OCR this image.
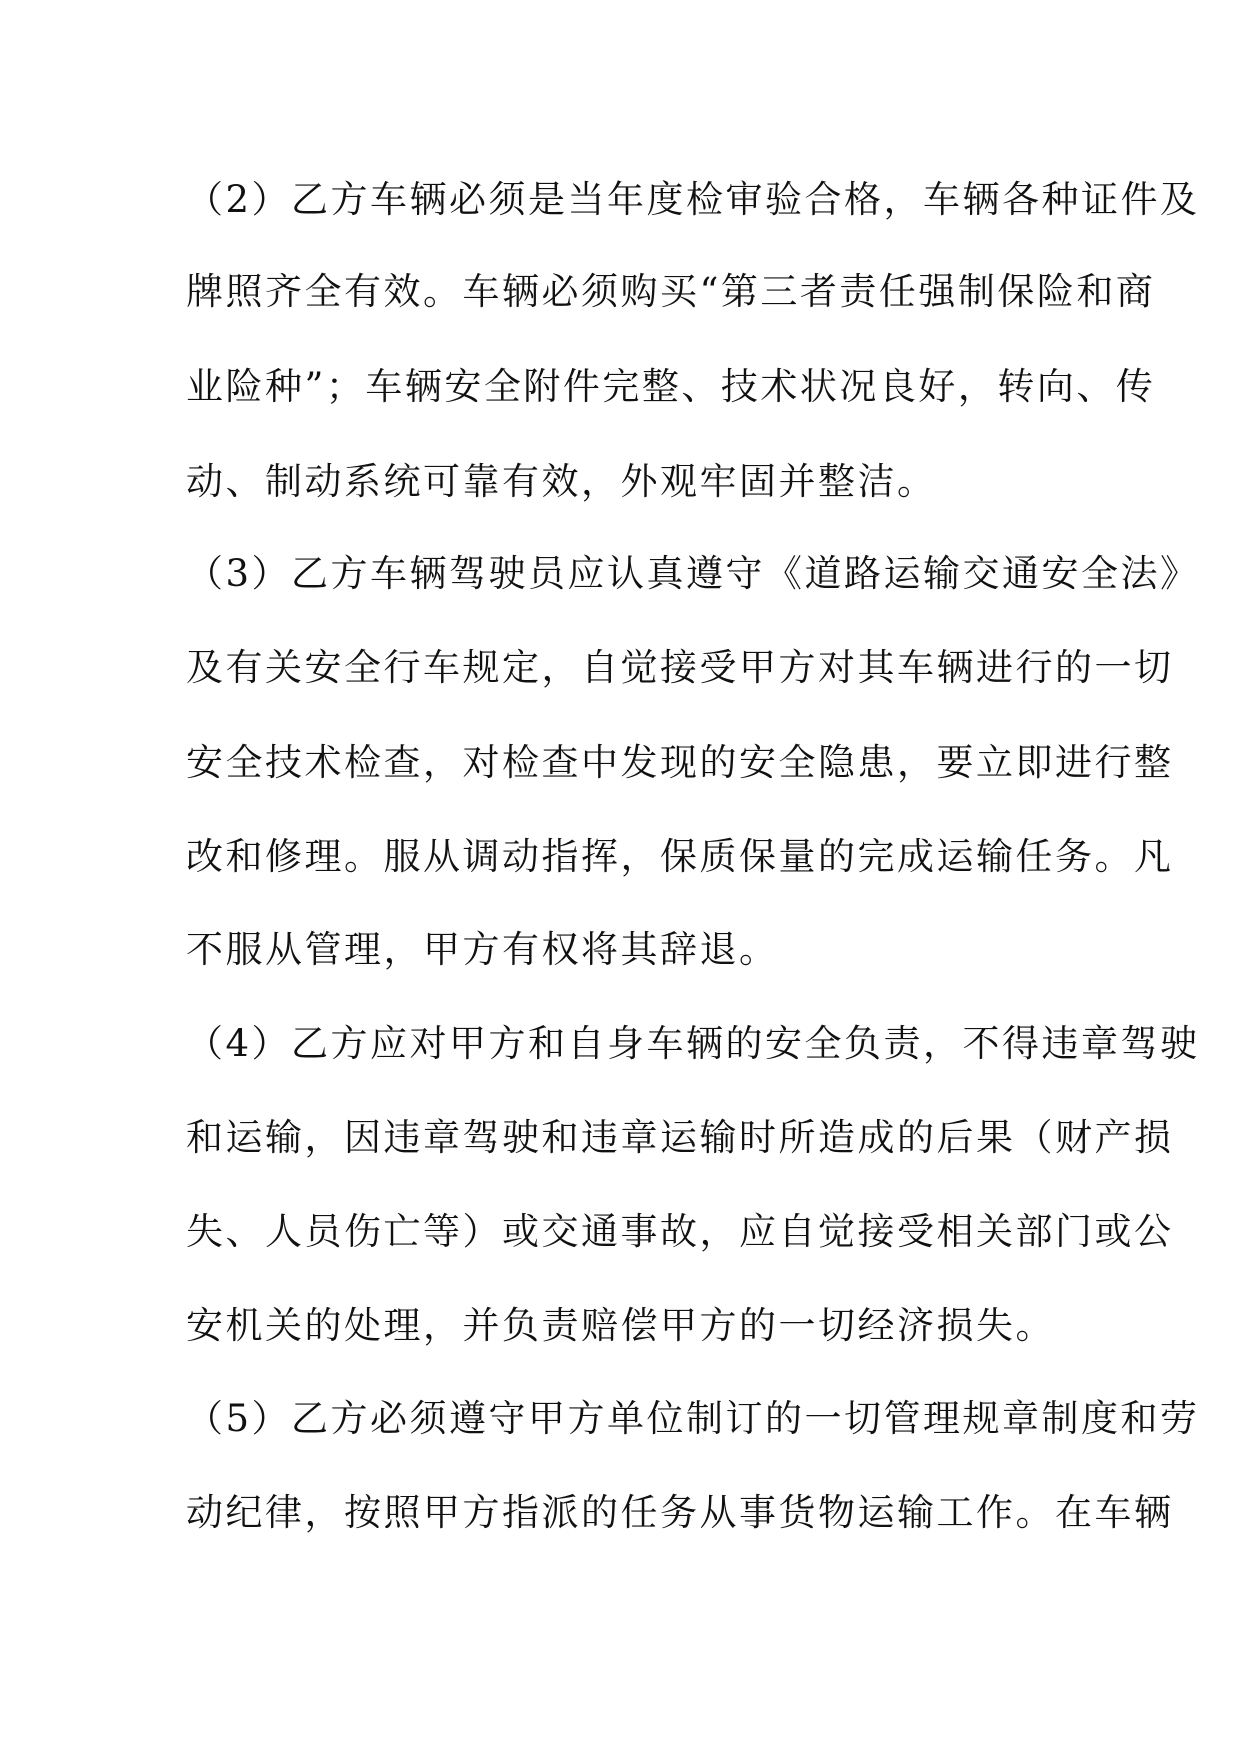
（2）乙方车辆必须是当年度检审验合格，车辆各种证件及
牌照齐全有效。车辆必须购买“第三者责任强制保险和商
业险种”；车辆安全附件完整、技术状况良好，转向、传
动、制动系统可靠有效，外观牢固并整洁。
（3）乙方车辆驾驶员应认真遵守《道路运输交通安全法》
及有关安全行车规定，自觉接受甲方对其车辆进行的一切
安全技术检查，对检查中发现的安全隐患，要立即进行整
改和修理。服从调动指挥，保质保量的完成运输任务。凡
不服从管理，甲方有权将其辞退。
（4）乙方应对甲方和自身车辆的安全负责，不得违章驾驶
和运输，因违章驾驶和违章运输时所造成的后果（财产损
失、人员伤亡等）或交通事故，应自觉接受相关部门或公
安机关的处理，并负责赔偿甲方的一切经济损失。
（5）乙方必须遵守甲方单位制订的一切管理规章制度和劳
动纪律，按照甲方指派的任务从事货物运输工作。在车辆
